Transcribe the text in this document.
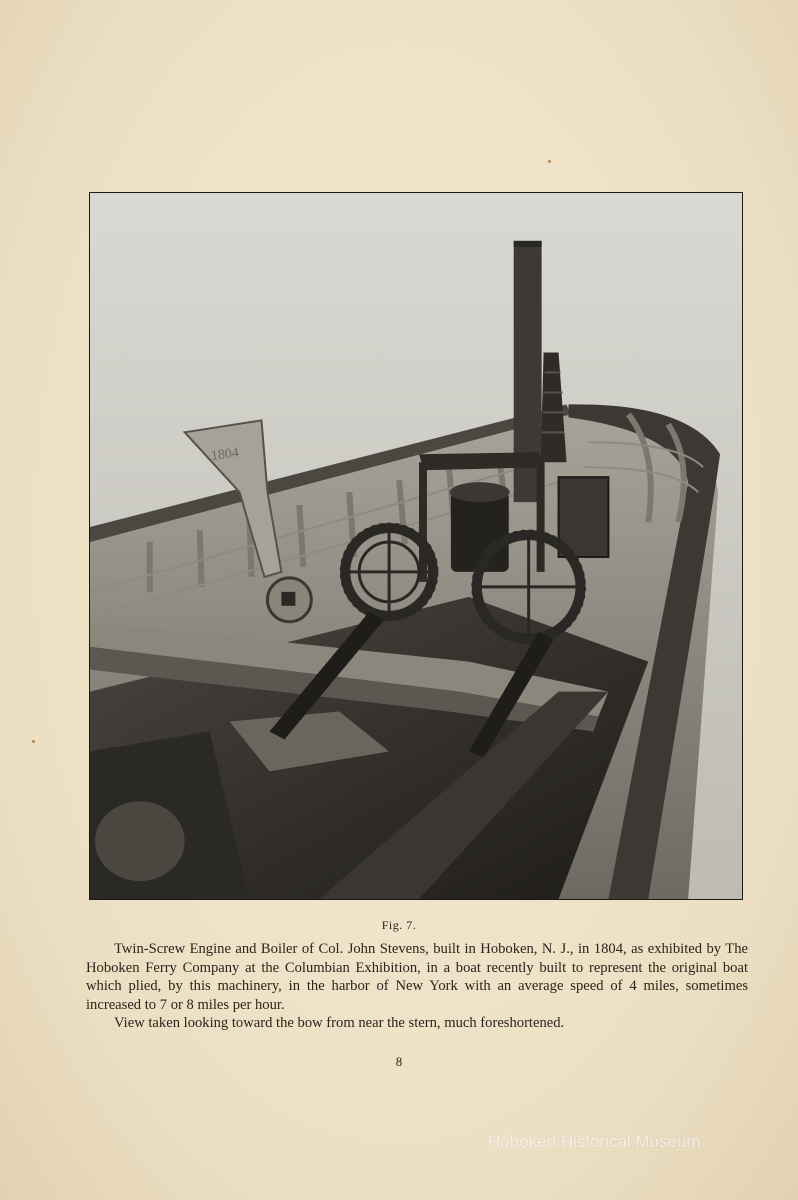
1804
Fig. 7.

Twin-Screw Engine and Boiler of Col. John Stevens, built in Hoboken, N. J., in 1804, as exhibited by The Hoboken Ferry Company at the Columbian Exhibition, in a boat recently built to represent the original boat which plied, by this machinery, in the harbor of New York with an average speed of 4 miles, sometimes increased to 7 or 8 miles per hour.

View taken looking toward the bow from near the stern, much foreshortened.

8
Hoboken Historical Museum
